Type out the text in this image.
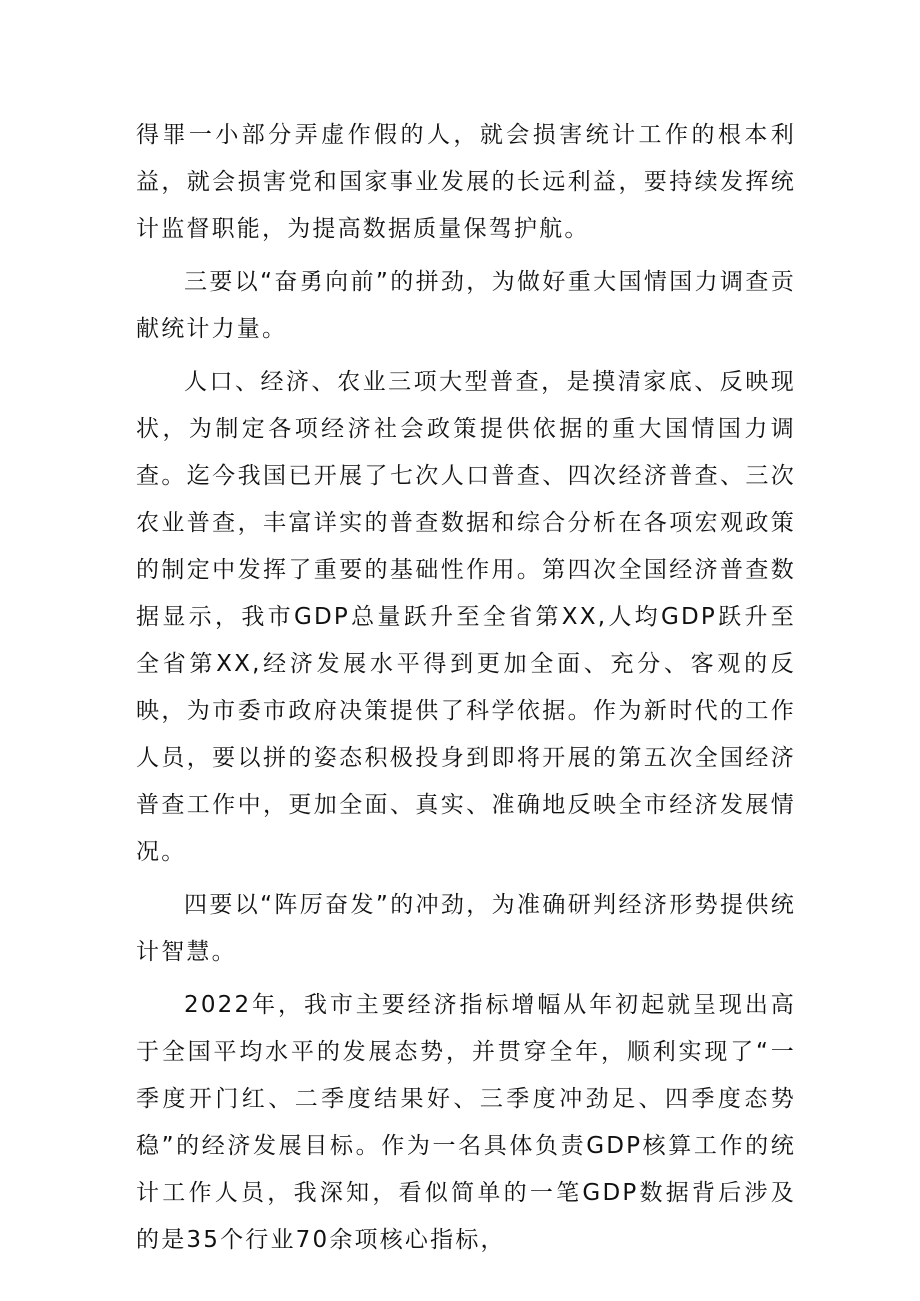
得罪一小部分弄虚作假的人，就会损害统计工作的根本利益，就会损害党和国家事业发展的长远利益，要持续发挥统计监督职能，为提高数据质量保驾护航。

三要以“奋勇向前”的拼劲，为做好重大国情国力调查贡献统计力量。

人口、经济、农业三项大型普查，是摸清家底、反映现状，为制定各项经济社会政策提供依据的重大国情国力调查。迄今我国已开展了七次人口普查、四次经济普查、三次农业普查，丰富详实的普查数据和综合分析在各项宏观政策的制定中发挥了重要的基础性作用。第四次全国经济普查数据显示，我市GDP总量跃升至全省第XX,人均GDP跃升至全省第XX,经济发展水平得到更加全面、充分、客观的反映，为市委市政府决策提供了科学依据。作为新时代的工作人员，要以拼的姿态积极投身到即将开展的第五次全国经济普查工作中，更加全面、真实、准确地反映全市经济发展情况。

四要以“阵厉奋发”的冲劲，为准确研判经济形势提供统计智慧。

2022年，我市主要经济指标增幅从年初起就呈现出高于全国平均水平的发展态势，并贯穿全年，顺利实现了“一季度开门红、二季度结果好、三季度冲劲足、四季度态势稳”的经济发展目标。作为一名具体负责GDP核算工作的统计工作人员，我深知，看似简单的一笔GDP数据背后涉及的是35个行业70余项核心指标，
